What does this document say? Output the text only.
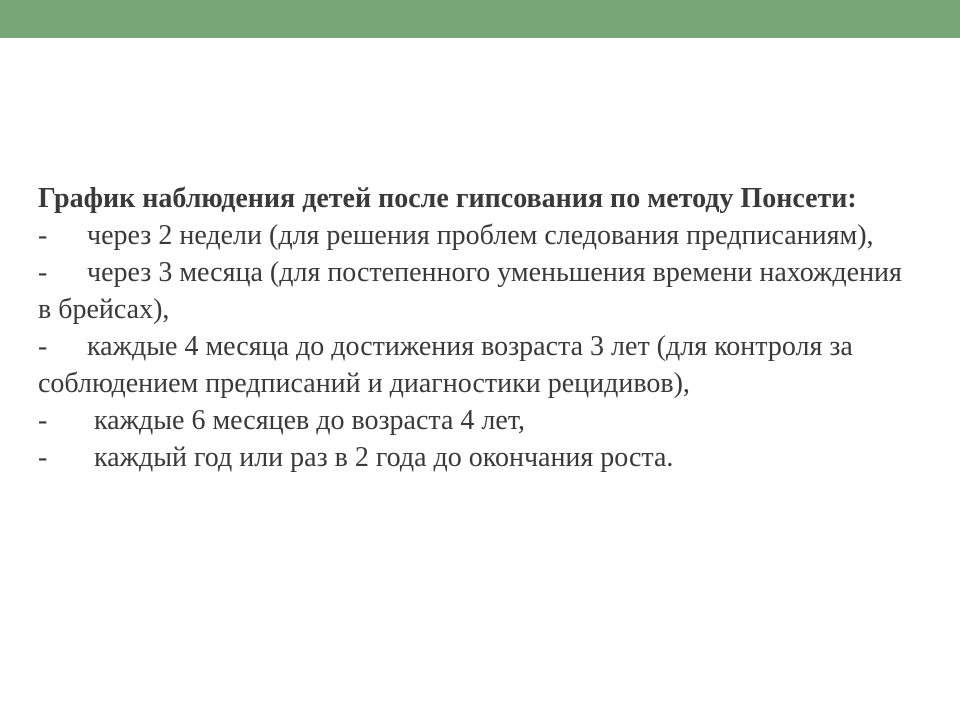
График наблюдения детей после гипсования по методу Понсети:

- через 2 недели (для решения проблем следования предписаниям),

- через 3 месяца (для постепенного уменьшения времени нахождения в брейсах),

- каждые 4 месяца до достижения возраста 3 лет (для контроля за соблюдением предписаний и диагностики рецидивов),

- каждые 6 месяцев до возраста 4 лет,

- каждый год или раз в 2 года до окончания роста.
